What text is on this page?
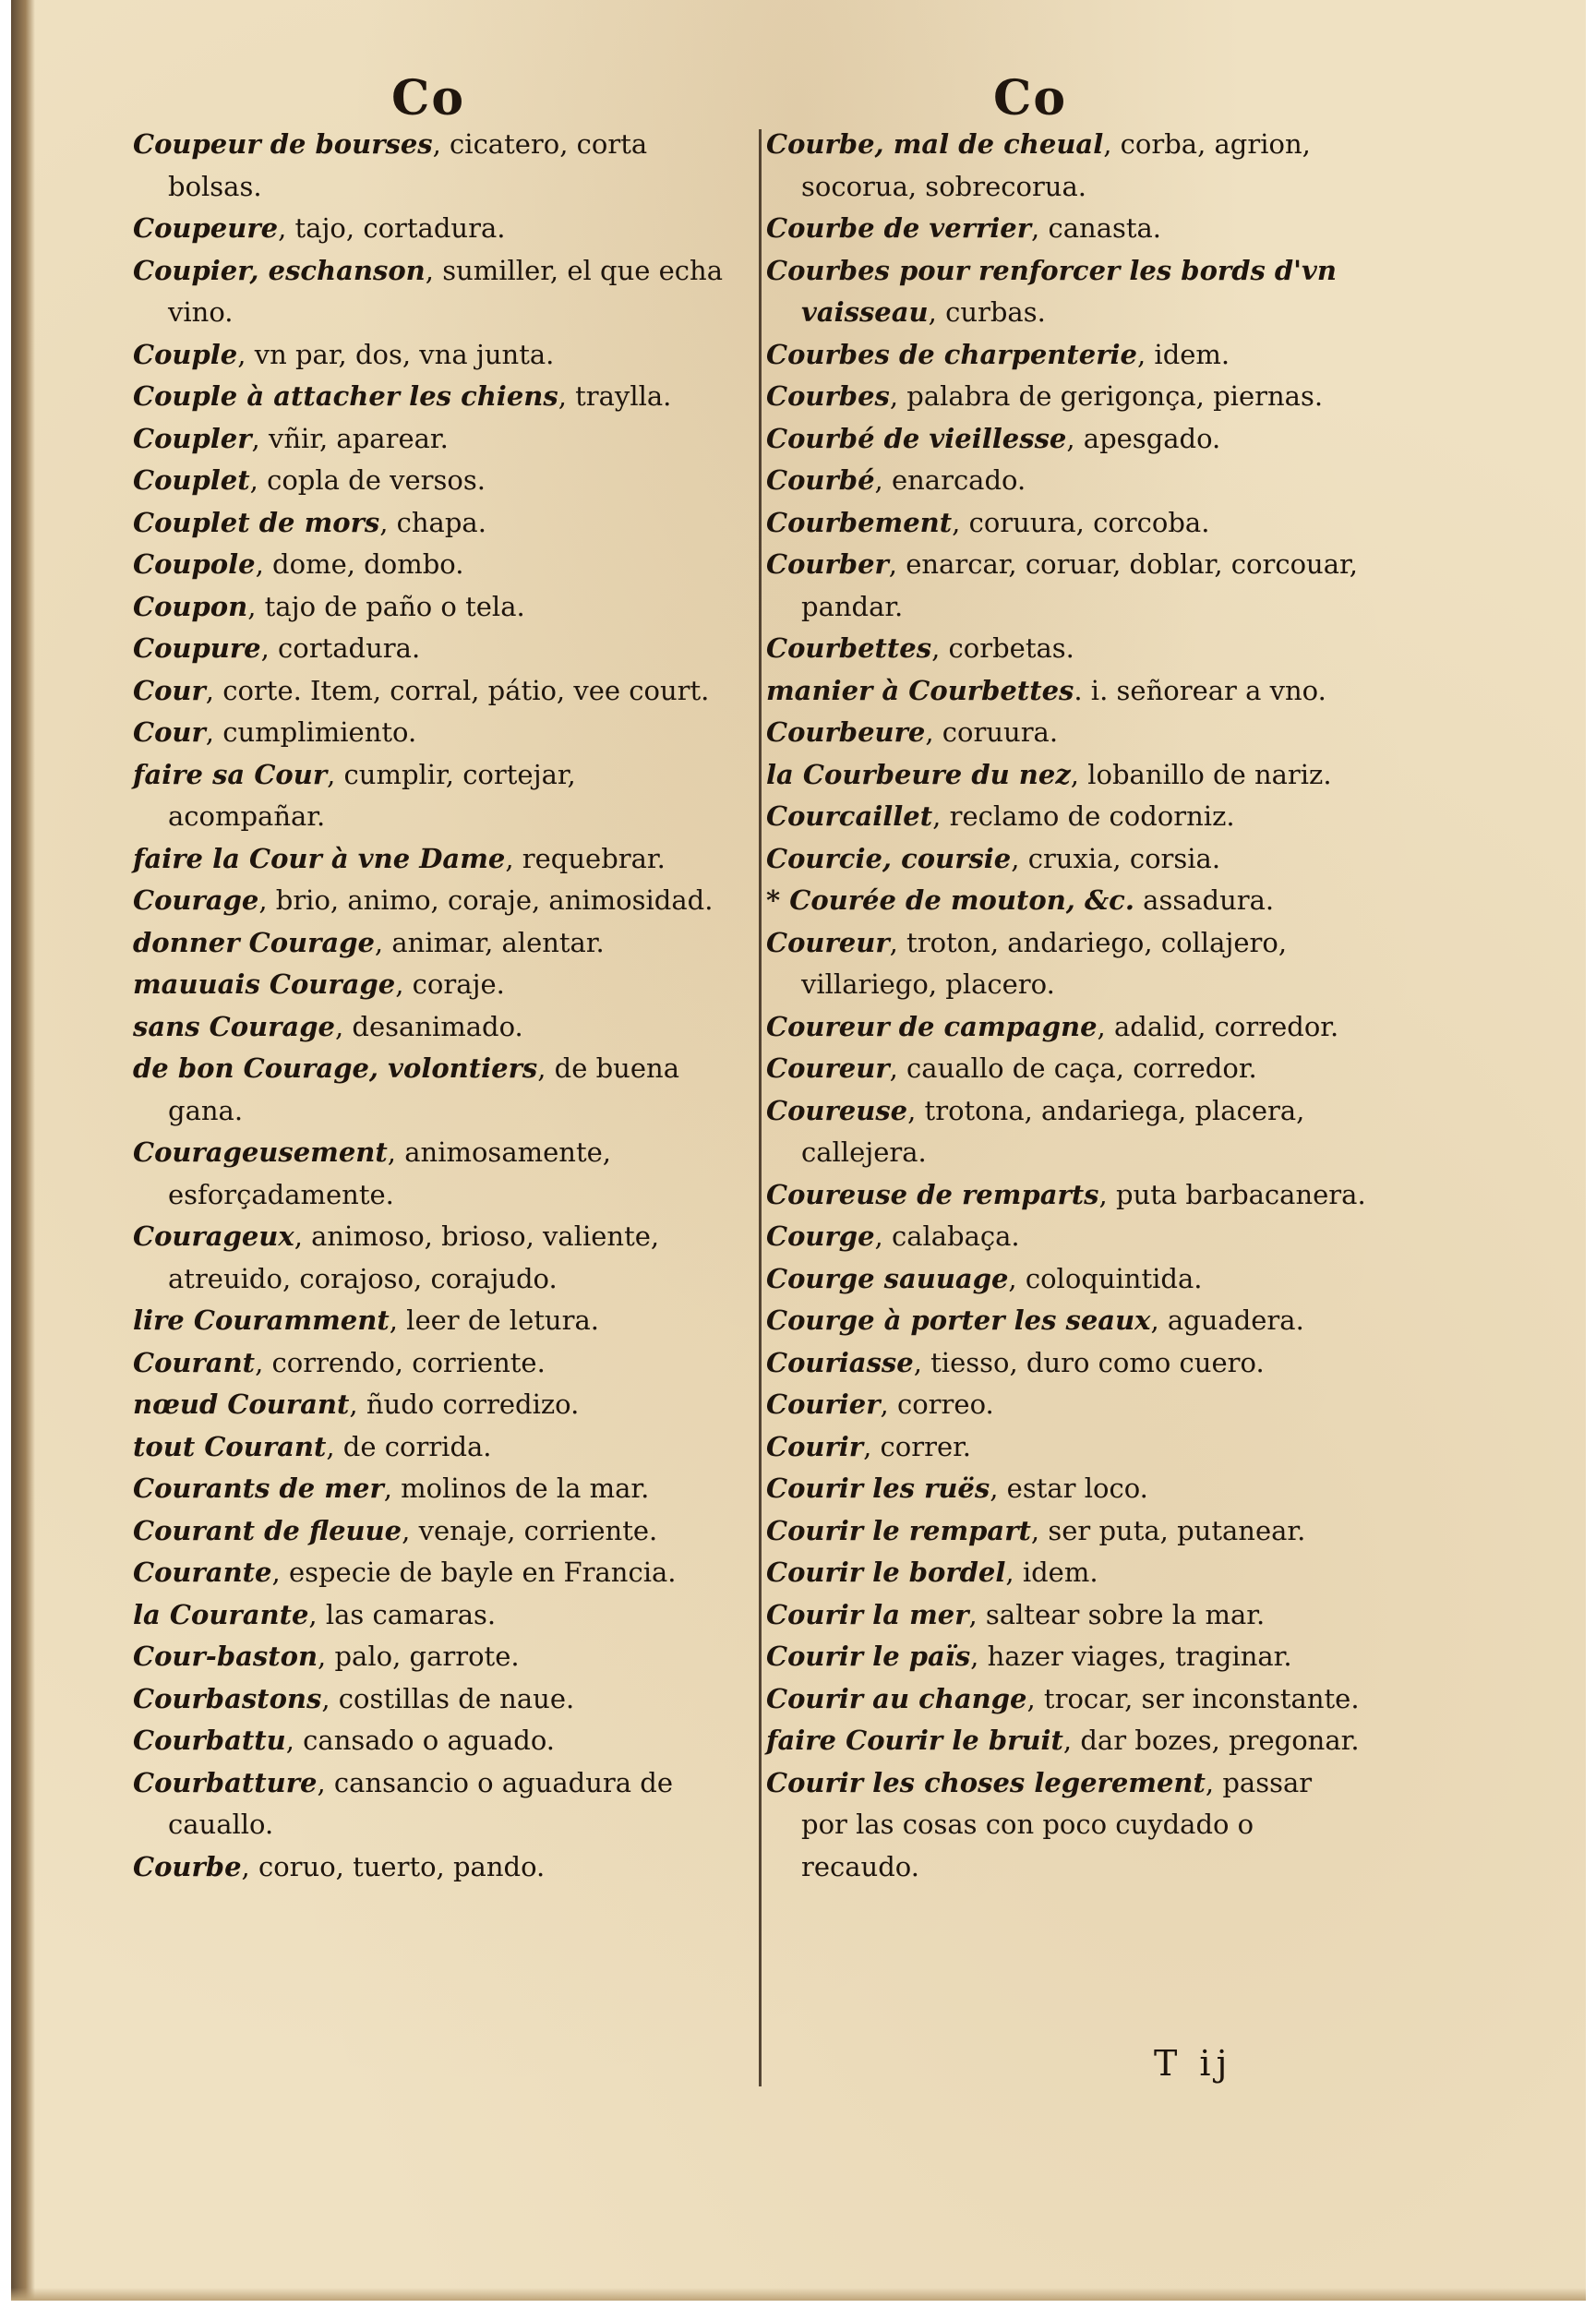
Co	Co
Coupeur de bourses, cicatero, corta bolsas.
Coupeure, tajo, cortadura.
Coupier, eschanson, sumiller, el que echa vino.
Couple, vn par, dos, vna junta.
Couple à attacher les chiens, traylla.
Coupler, vñir, aparear.
Couplet, copla de versos.
Couplet de mors, chapa.
Coupole, dome, dombo.
Coupon, tajo de paño o tela.
Coupure, cortadura.
Cour, corte. Item, corral, pátio, vee court.
Cour, cumplimiento.
faire sa Cour, cumplir, cortejar, acompañar.
faire la Cour à vne Dame, requebrar.
Courage, brio, animo, coraje, animosidad.
donner Courage, animar, alentar.
mauuais Courage, coraje.
sans Courage, desanimado.
de bon Courage, volontiers, de buena gana.
Courageusement, animosamente, esforçadamente.
Courageux, animoso, brioso, valiente, atreuido, corajoso, corajudo.
lire Couramment, leer de letura.
Courant, correndo, corriente.
nœud Courant, ñudo corredizo.
tout Courant, de corrida.
Courants de mer, molinos de la mar.
Courant de fleuue, venaje, corriente.
Courante, especie de bayle en Francia.
la Courante, las camaras.
Cour-baston, palo, garrote.
Courbastons, costillas de naue.
Courbattu, cansado o aguado.
Courbatture, cansancio o aguadura de cauallo.
Courbe, coruo, tuerto, pando.
Courbe, mal de cheual, corba, agrion, socorua, sobrecorua.
Courbe de verrier, canasta.
Courbes pour renforcer les bords d'vn vaisseau, curbas.
Courbes de charpenterie, idem.
Courbes, palabra de gerigonça, piernas.
Courbé de vieillesse, apesgado.
Courbé, enarcado.
Courbement, coruura, corcoba.
Courber, enarcar, coruar, doblar, corcouar, pandar.
Courbettes, corbetas.
manier à Courbettes. i. señorear a vno.
Courbeure, coruura.
la Courbeure du nez, lobanillo de nariz.
Courcaillet, reclamo de codorniz.
Courcie, coursie, cruxia, corsia.
* Courée de mouton, &c. assadura.
Coureur, troton, andariego, collajero, villariego, placero.
Coureur de campagne, adalid, corredor.
Coureur, cauallo de caça, corredor.
Coureuse, trotona, andariega, placera, callejera.
Coureuse de remparts, puta barbacanera.
Courge, calabaça.
Courge sauuage, coloquintida.
Courge à porter les seaux, aguadera.
Couriasse, tiesso, duro como cuero.
Courier, correo.
Courir, correr.
Courir les ruës, estar loco.
Courir le rempart, ser puta, putanear.
Courir le bordel, idem.
Courir la mer, saltear sobre la mar.
Courir le païs, hazer viages, traginar.
Courir au change, trocar, ser inconstante.
faire Courir le bruit, dar bozes, pregonar.
Courir les choses legerement, passar por las cosas con poco cuydado o recaudo.
T ij
